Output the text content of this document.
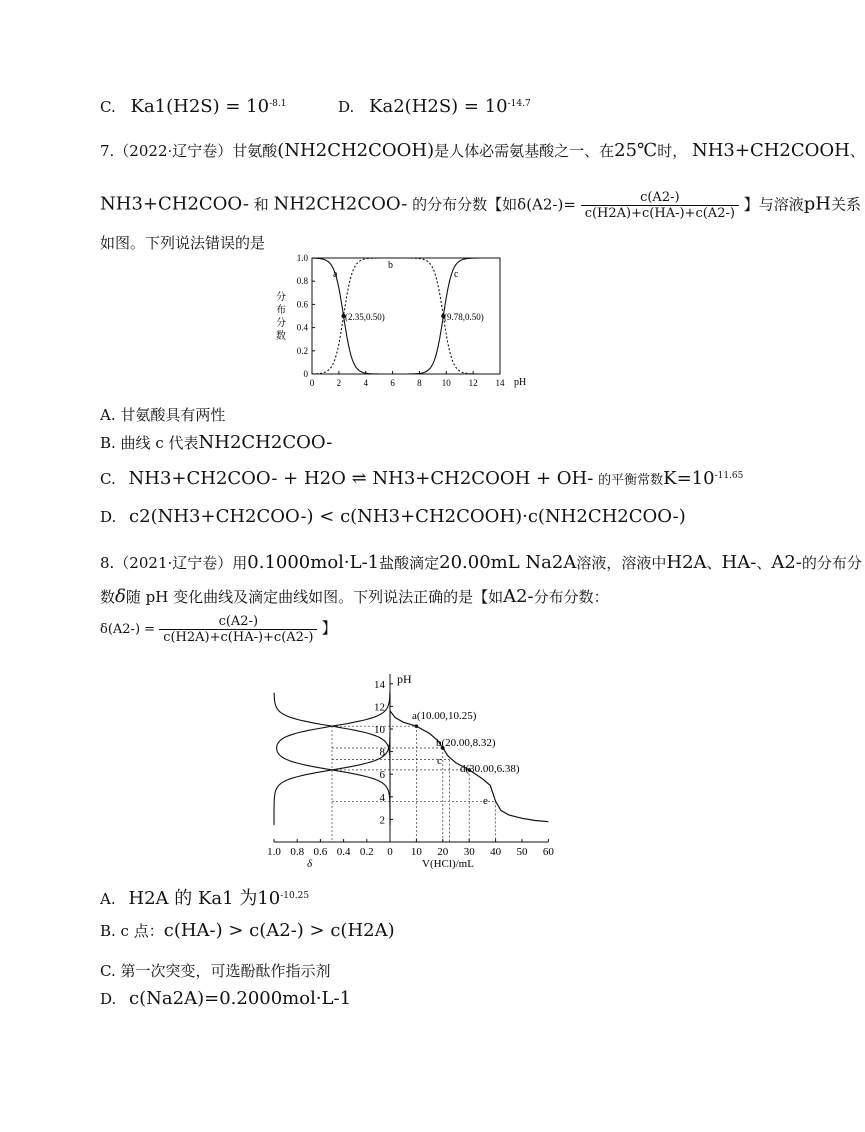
C. $Ka1(H2S) = 10^{-8.1}$	D. $Ka2(H2S) = 10^{-14.7}$
7.（2022·辽宁卷）甘氨酸(NH2CH2COOH)是人体必需氨基酸之一、在25℃时， NH3+CH2COOH、
NH3+CH2COO- 和 NH2CH2COO- 的分布分数【如$\delta(A2-)= \frac{c(A2-)}{c(H2A)+c(HA-)+c(A2-)}$ 】与溶液pH关系
如图。下列说法错误的是
分
布
分
数
0 2 4 6 8 10 12 14
1.0
0.8
0.6
0.4
0.2
0
pH
a
b
c
(2.35,0.50)	(9.78,0.50)
A. 甘氨酸具有两性
B. 曲线 c 代表NH2CH2COO-
C. NH3+CH2COO- + H2O ⇌ NH3+CH2COOH + OH- 的平衡常数$K=10^{-11.65}$
D. c2(NH3+CH2COO-) < c(NH3+CH2COOH)·c(NH2CH2COO-)
8.（2021·辽宁卷）用0.1000mol·L-1盐酸滴定20.00mL Na2A溶液，溶液中H2A、HA-、A2-的分布分
数δ随 pH 变化曲线及滴定曲线如图。下列说法正确的是【如A2-分布分数：
$\delta(A2-) = \frac{c(A2-)}{c(H2A)+c(HA-)+c(A2-)}$ 】
14
12
10
8
6
4
2
1.0 0.8 0.6 0.4 0.2 0 10 20 30 40 50 60
pH
δ	V(HCl)/mL
a(10.00,10.25)
b(20.00,8.32)
c
d(30.00,6.38)
e
A. H2A 的 Ka1 为$10^{-10.25}$
B. c 点：c(HA-) > c(A2-) > c(H2A)
C. 第一次突变，可选酚酞作指示剂
D. c(Na2A)=0.2000mol·L-1
